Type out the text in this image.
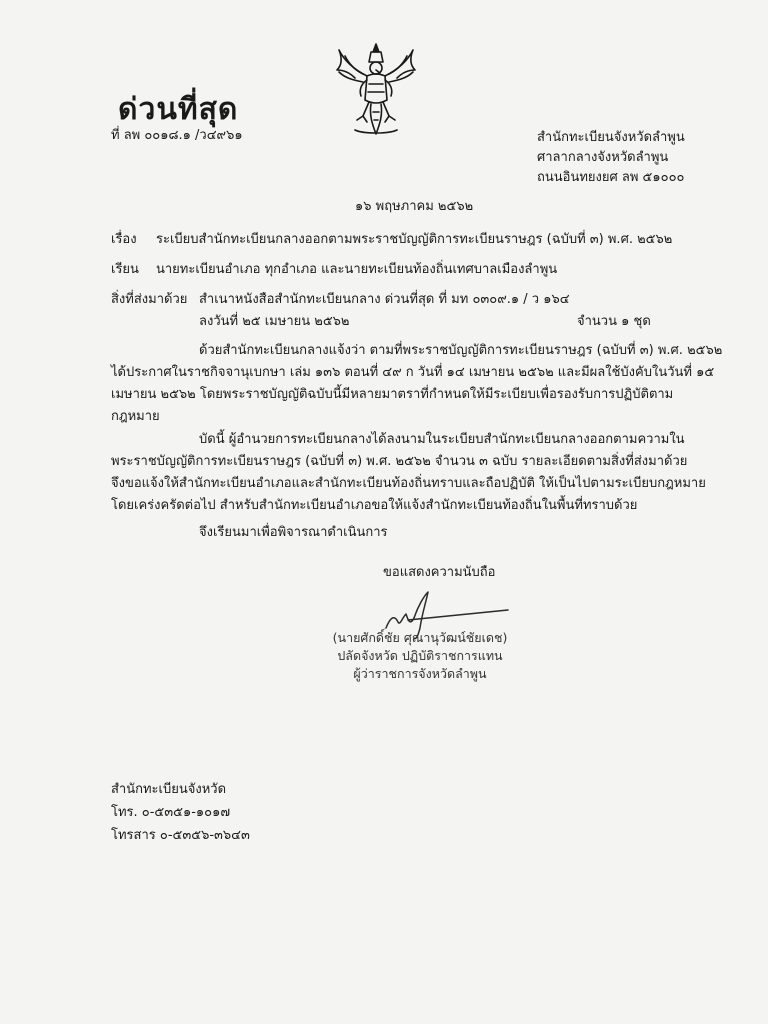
ด่วนที่สุด
ที่ ลพ ๐๐๑๘.๑ /ว๔๙๖๑	สำนักทะเบียนจังหวัดลำพูน
ศาลากลางจังหวัดลำพูน
ถนนอินทยงยศ ลพ ๕๑๐๐๐
๑๖ พฤษภาคม ๒๕๖๒
เรื่อง ระเบียบสำนักทะเบียนกลางออกตามพระราชบัญญัติการทะเบียนราษฎร (ฉบับที่ ๓) พ.ศ. ๒๕๖๒
เรียน นายทะเบียนอำเภอ ทุกอำเภอ และนายทะเบียนท้องถิ่นเทศบาลเมืองลำพูน
สิ่งที่ส่งมาด้วย สำเนาหนังสือสำนักทะเบียนกลาง ด่วนที่สุด ที่ มท ๐๓๐๙.๑ / ว ๑๖๔
ลงวันที่ ๒๕ เมษายน ๒๕๖๒	จำนวน ๑ ชุด
ด้วยสำนักทะเบียนกลางแจ้งว่า ตามที่พระราชบัญญัติการทะเบียนราษฎร (ฉบับที่ ๓) พ.ศ. ๒๕๖๒
ได้ประกาศในราชกิจจานุเบกษา เล่ม ๑๓๖ ตอนที่ ๔๙ ก วันที่ ๑๔ เมษายน ๒๕๖๒ และมีผลใช้บังคับในวันที่ ๑๕
เมษายน ๒๕๖๒ โดยพระราชบัญญัติฉบับนี้มีหลายมาตราที่กำหนดให้มีระเบียบเพื่อรองรับการปฏิบัติตาม
กฎหมาย
บัดนี้ ผู้อำนวยการทะเบียนกลางได้ลงนามในระเบียบสำนักทะเบียนกลางออกตามความใน
พระราชบัญญัติการทะเบียนราษฎร (ฉบับที่ ๓) พ.ศ. ๒๕๖๒ จำนวน ๓ ฉบับ รายละเอียดตามสิ่งที่ส่งมาด้วย
จึงขอแจ้งให้สำนักทะเบียนอำเภอและสำนักทะเบียนท้องถิ่นทราบและถือปฏิบัติ ให้เป็นไปตามระเบียบกฎหมาย
โดยเคร่งครัดต่อไป สำหรับสำนักทะเบียนอำเภอขอให้แจ้งสำนักทะเบียนท้องถิ่นในพื้นที่ทราบด้วย
จึงเรียนมาเพื่อพิจารณาดำเนินการ
ขอแสดงความนับถือ
(นายศักดิ์ชัย ศุณานุวัฒน์ชัยเดช)
ปลัดจังหวัด ปฏิบัติราชการแทน
ผู้ว่าราชการจังหวัดลำพูน
สำนักทะเบียนจังหวัด
โทร. ๐-๕๓๕๑-๑๐๑๗
โทรสาร ๐-๕๓๕๖-๓๖๔๓
